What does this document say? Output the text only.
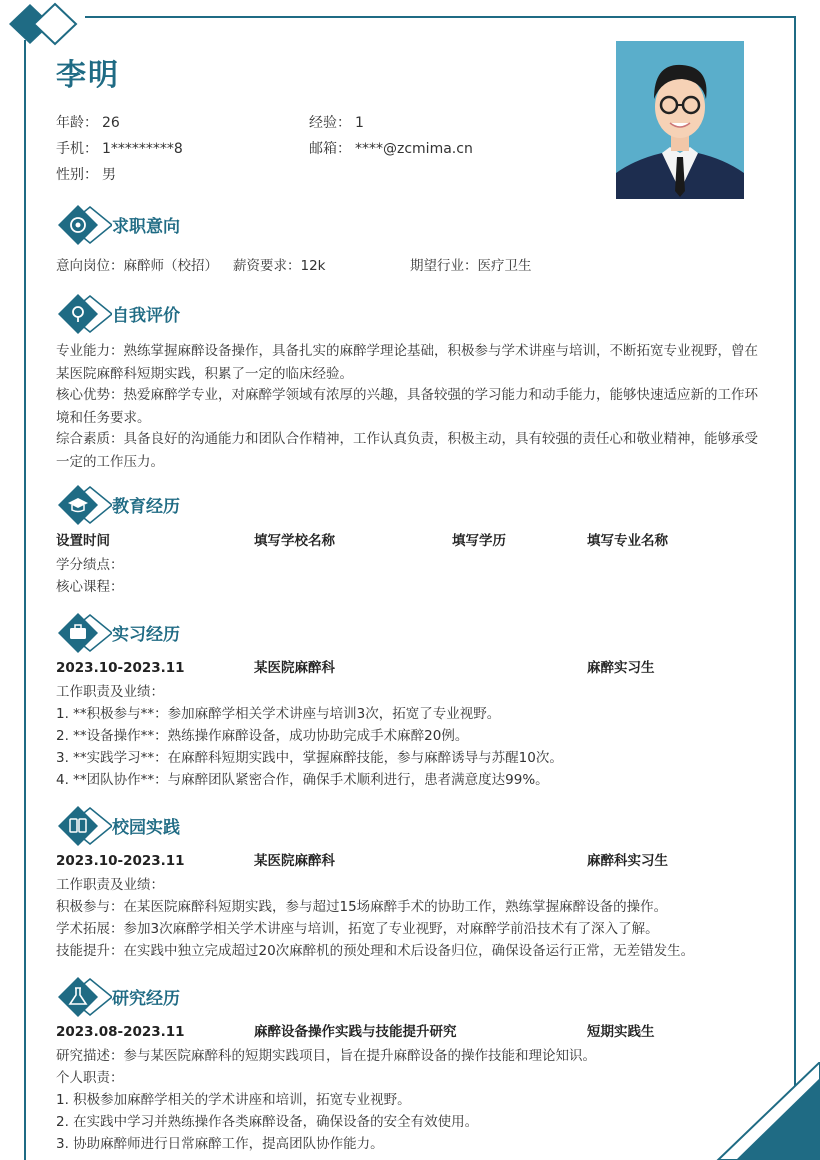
李明
年龄： 26	经验： 1
手机： 1*********8	邮箱： ****@zcmima.cn
性别： 男
求职意向
意向岗位：麻醉师（校招） 薪资要求：12k	期望行业：医疗卫生
自我评价
专业能力：熟练掌握麻醉设备操作，具备扎实的麻醉学理论基础，积极参与学术讲座与培训，不断拓宽专业视野，曾在某医院麻醉科短期实践，积累了一定的临床经验。
核心优势：热爱麻醉学专业，对麻醉学领域有浓厚的兴趣，具备较强的学习能力和动手能力，能够快速适应新的工作环境和任务要求。
综合素质：具备良好的沟通能力和团队合作精神，工作认真负责，积极主动，具有较强的责任心和敬业精神，能够承受一定的工作压力。
教育经历
设置时间	填写学校名称	填写学历	填写专业名称
学分绩点：
核心课程：
实习经历
2023.10-2023.11	某医院麻醉科	麻醉实习生
工作职责及业绩：
1. **积极参与**：参加麻醉学相关学术讲座与培训3次，拓宽了专业视野。
2. **设备操作**：熟练操作麻醉设备，成功协助完成手术麻醉20例。
3. **实践学习**：在麻醉科短期实践中，掌握麻醉技能，参与麻醉诱导与苏醒10次。
4. **团队协作**：与麻醉团队紧密合作，确保手术顺利进行，患者满意度达99%。
校园实践
2023.10-2023.11	某医院麻醉科	麻醉科实习生
工作职责及业绩：
积极参与：在某医院麻醉科短期实践，参与超过15场麻醉手术的协助工作，熟练掌握麻醉设备的操作。
学术拓展：参加3次麻醉学相关学术讲座与培训，拓宽了专业视野，对麻醉学前沿技术有了深入了解。
技能提升：在实践中独立完成超过20次麻醉机的预处理和术后设备归位，确保设备运行正常，无差错发生。
研究经历
2023.08-2023.11	麻醉设备操作实践与技能提升研究	短期实践生
研究描述：参与某医院麻醉科的短期实践项目，旨在提升麻醉设备的操作技能和理论知识。
个人职责：
1. 积极参加麻醉学相关的学术讲座和培训，拓宽专业视野。
2. 在实践中学习并熟练操作各类麻醉设备，确保设备的安全有效使用。
3. 协助麻醉师进行日常麻醉工作，提高团队协作能力。
